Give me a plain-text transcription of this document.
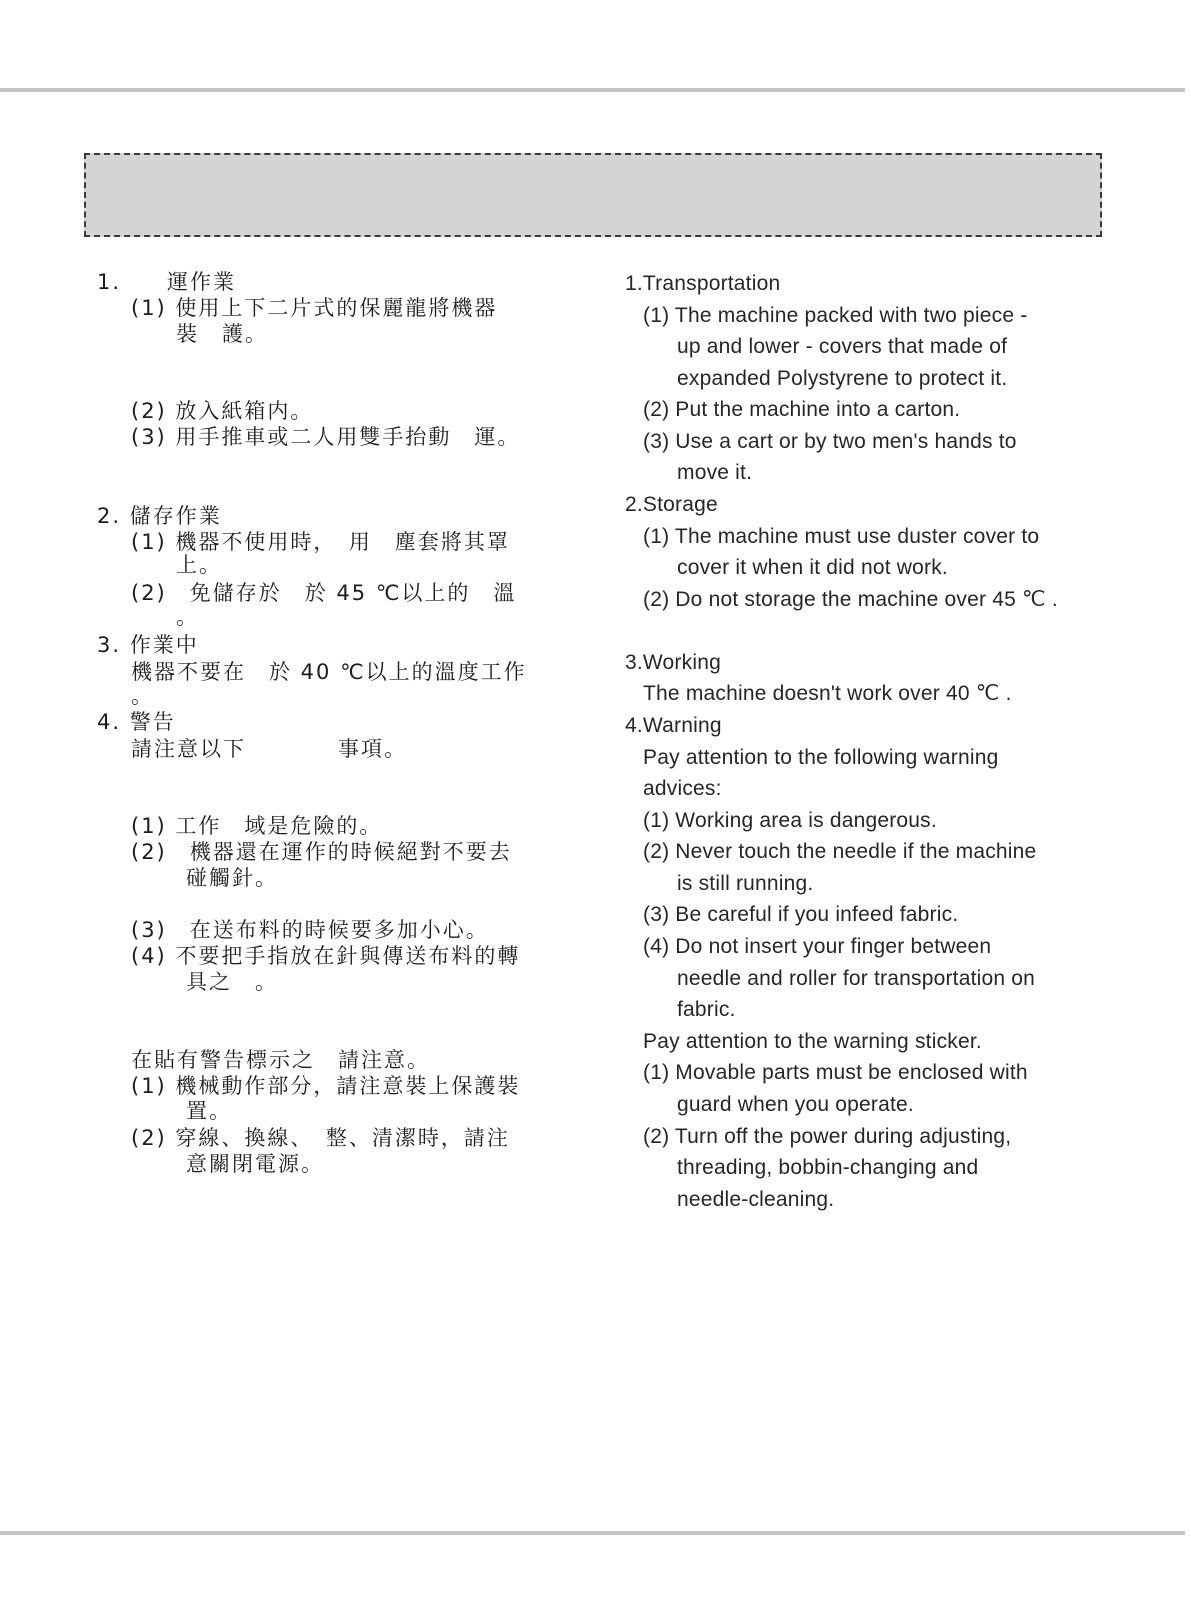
1.　　運作業
(1) 使用上下二片式的保麗龍將機器
裝　護。
(2) 放入紙箱内。
(3) 用手推車或二人用雙手抬動　運。
2. 儲存作業
(1) 機器不使用時，　用　塵套將其罩
上。
(2)　免儲存於　於 45 ℃以上的　溫
。
3. 作業中
機器不要在　於 40 ℃以上的溫度工作
。
4. 警告
請注意以下　　　　事項。
(1) 工作　域是危險的。
(2)　機器還在運作的時候絕對不要去
碰觸針。
(3)　在送布料的時候要多加小心。
(4) 不要把手指放在針與傳送布料的轉
具之　。
在貼有警告標示之　請注意。
(1) 機械動作部分，請注意裝上保護裝
置。
(2) 穿線、換線、　整、清潔時，請注
意關閉電源。
1.Transportation
(1) The machine packed with two piece -
up and lower - covers that made of
expanded Polystyrene to protect it.
(2) Put the machine into a carton.
(3) Use a cart or by two men's hands to
move it.
2.Storage
(1) The machine must use duster cover to
cover it when it did not work.
(2) Do not storage the machine over 45 ℃ .
3.Working
The machine doesn't work over 40 ℃ .
4.Warning
Pay attention to the following warning
advices:
(1) Working area is dangerous.
(2) Never touch the needle if the machine
is still running.
(3) Be careful if you infeed fabric.
(4) Do not insert your finger between
needle and roller for transportation on
fabric.
Pay attention to the warning sticker.
(1) Movable parts must be enclosed with
guard when you operate.
(2) Turn off the power during adjusting,
threading, bobbin-changing and
needle-cleaning.
